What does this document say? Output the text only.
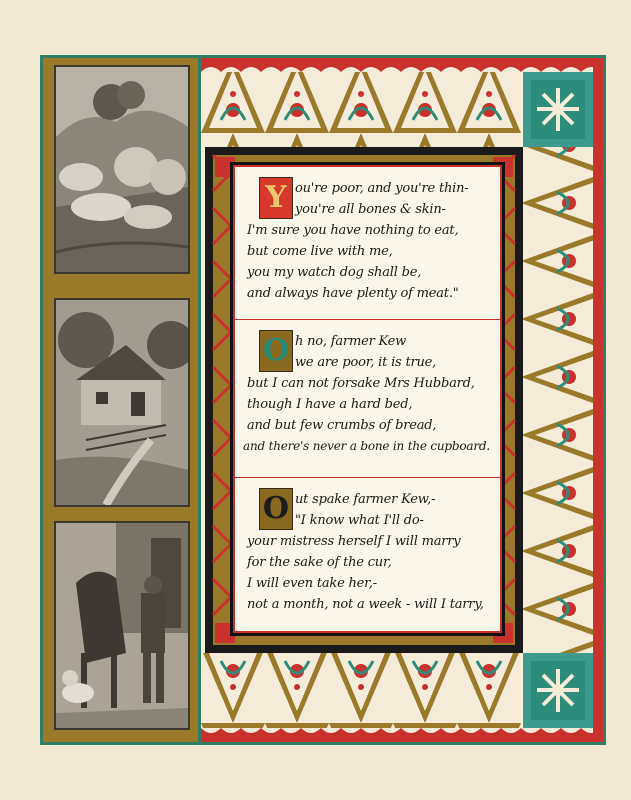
Y ou're poor, and you're thin-
you're all bones & skin-
I'm sure you have nothing to eat,
but come live with me,
you my watch dog shall be,
and always have plenty of meat."
O h no, farmer Kew
we are poor, it is true,
but I can not forsake Mrs Hubbard,
though I have a hard bed,
and but few crumbs of bread,
and there's never a bone in the cupboard.
O ut spake farmer Kew,-
"I know what I'll do-
your mistress herself I will marry
for the sake of the cur,
I will even take her,-
not a month, not a week - will I tarry,
